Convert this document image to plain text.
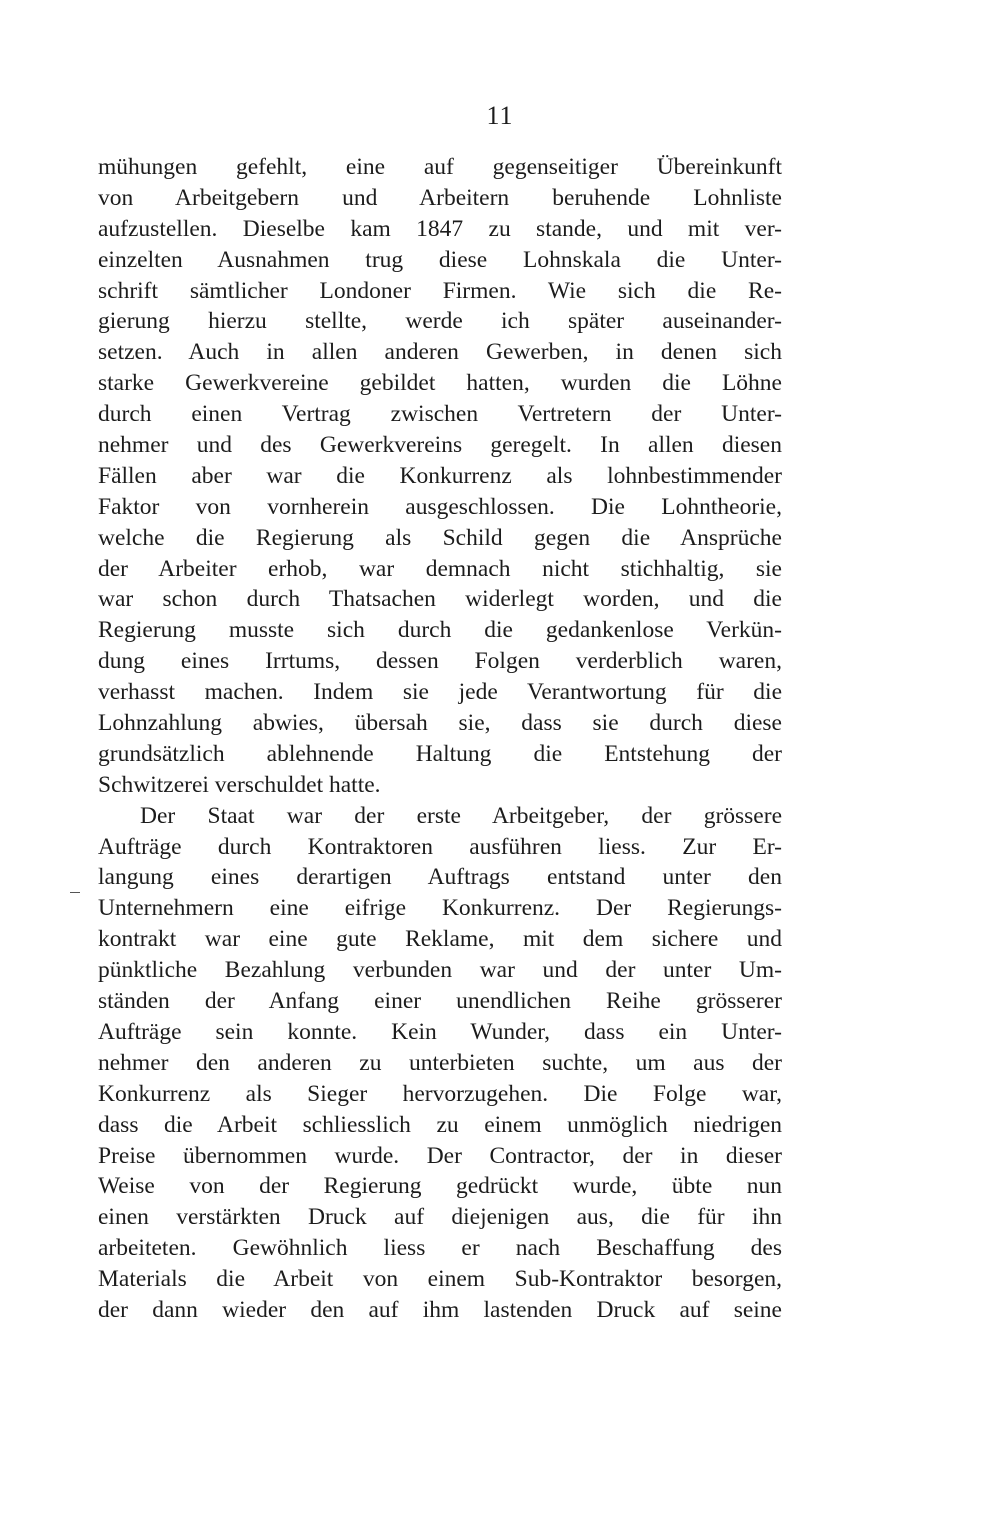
11
mühungen gefehlt, eine auf gegenseitiger Übereinkunft
von Arbeitgebern und Arbeitern beruhende Lohnliste
aufzustellen. Dieselbe kam 1847 zu stande, und mit ver-
einzelten Ausnahmen trug diese Lohnskala die Unter-
schrift sämtlicher Londoner Firmen. Wie sich die Re-
gierung hierzu stellte, werde ich später auseinander-
setzen. Auch in allen anderen Gewerben, in denen sich
starke Gewerkvereine gebildet hatten, wurden die Löhne
durch einen Vertrag zwischen Vertretern der Unter-
nehmer und des Gewerkvereins geregelt. In allen diesen
Fällen aber war die Konkurrenz als lohnbestimmender
Faktor von vornherein ausgeschlossen. Die Lohntheorie,
welche die Regierung als Schild gegen die Ansprüche
der Arbeiter erhob, war demnach nicht stichhaltig, sie
war schon durch Thatsachen widerlegt worden, und die
Regierung musste sich durch die gedankenlose Verkün-
dung eines Irrtums, dessen Folgen verderblich waren,
verhasst machen. Indem sie jede Verantwortung für die
Lohnzahlung abwies, übersah sie, dass sie durch diese
grundsätzlich ablehnende Haltung die Entstehung der
Schwitzerei verschuldet hatte.
Der Staat war der erste Arbeitgeber, der grössere
Aufträge durch Kontraktoren ausführen liess. Zur Er-
langung eines derartigen Auftrags entstand unter den
Unternehmern eine eifrige Konkurrenz. Der Regierungs-
kontrakt war eine gute Reklame, mit dem sichere und
pünktliche Bezahlung verbunden war und der unter Um-
ständen der Anfang einer unendlichen Reihe grösserer
Aufträge sein konnte. Kein Wunder, dass ein Unter-
nehmer den anderen zu unterbieten suchte, um aus der
Konkurrenz als Sieger hervorzugehen. Die Folge war,
dass die Arbeit schliesslich zu einem unmöglich niedrigen
Preise übernommen wurde. Der Contractor, der in dieser
Weise von der Regierung gedrückt wurde, übte nun
einen verstärkten Druck auf diejenigen aus, die für ihn
arbeiteten. Gewöhnlich liess er nach Beschaffung des
Materials die Arbeit von einem Sub-Kontraktor besorgen,
der dann wieder den auf ihm lastenden Druck auf seine
